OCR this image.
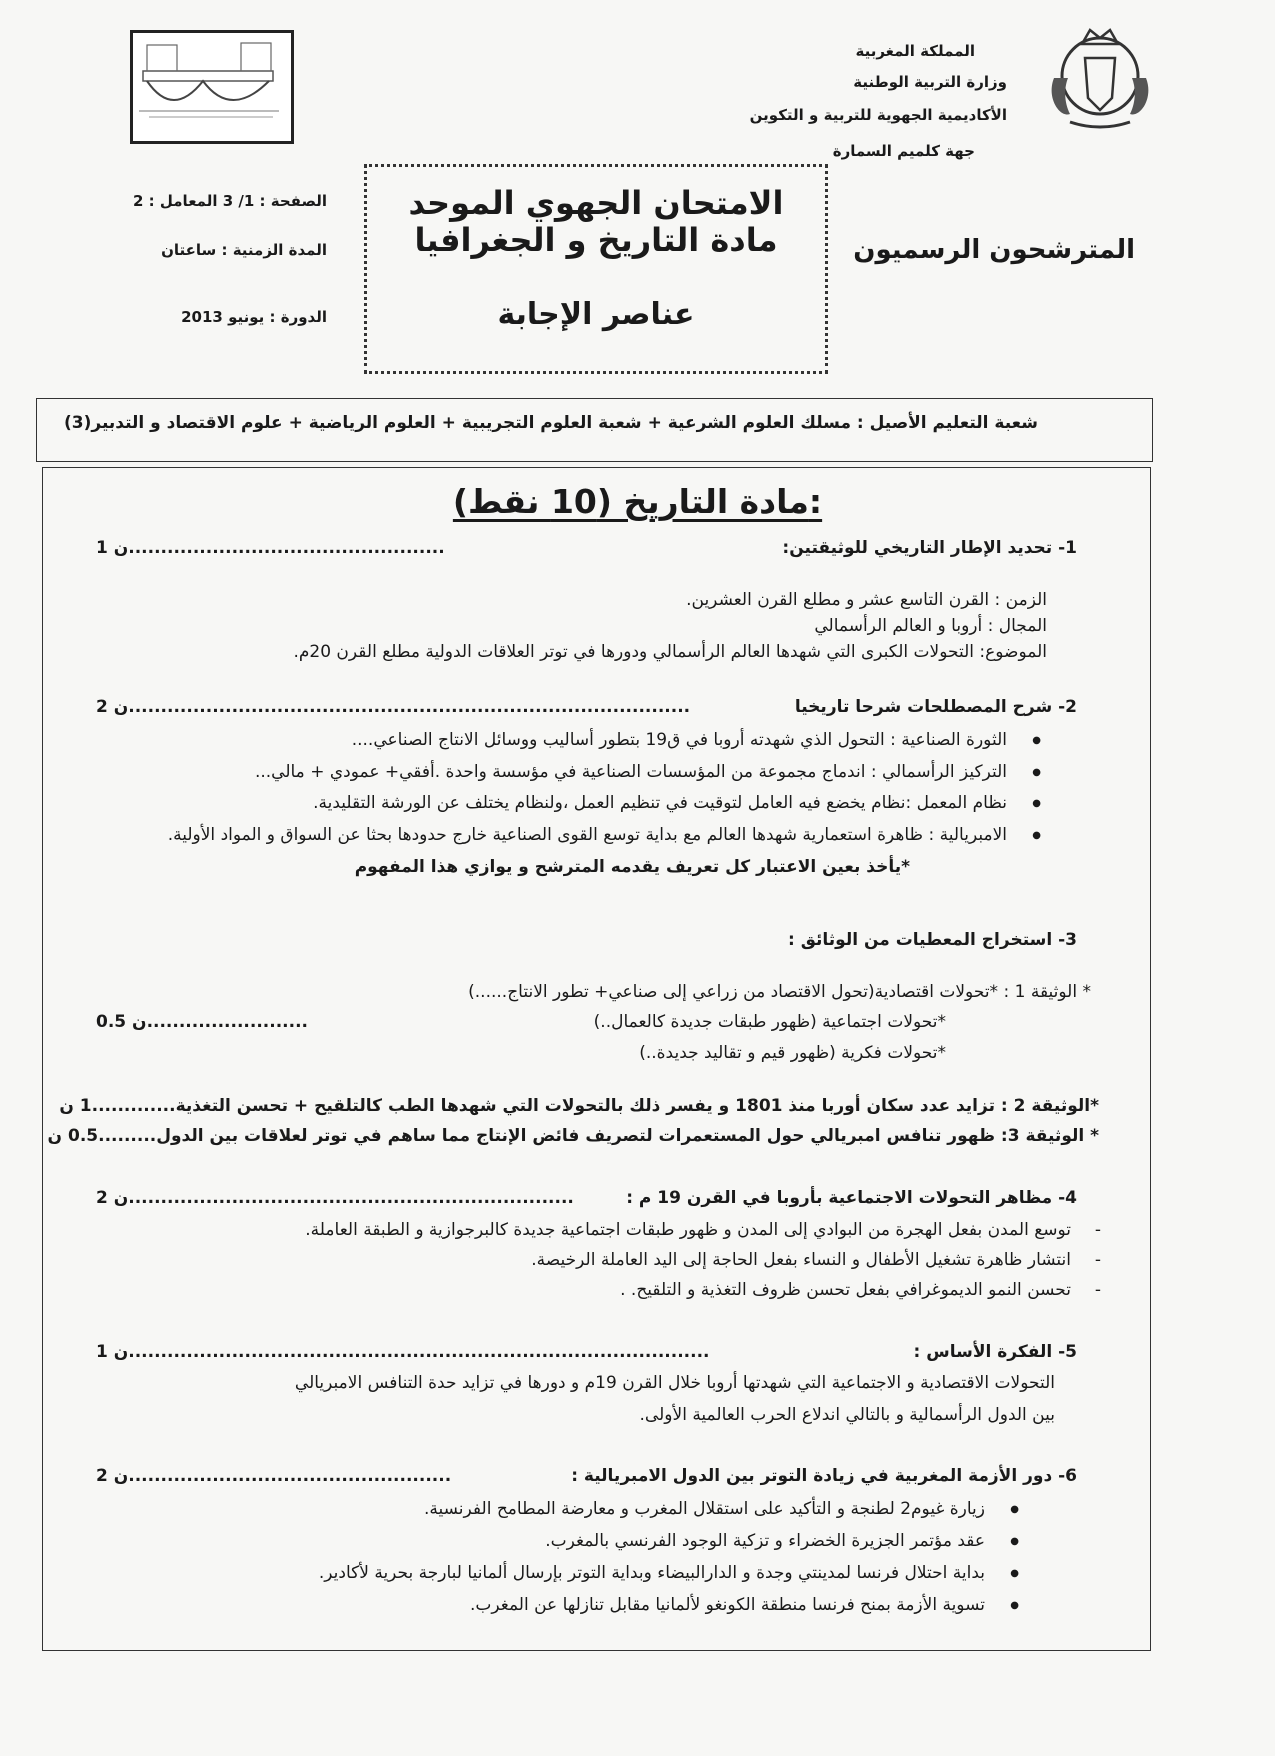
المملكة المغربية
وزارة التربية الوطنية
الأكاديمية الجهوية للتربية و التكوين
جهة كلميم السمارة
الامتحان الجهوي الموحد
مادة التاريخ و الجغرافيا
عناصر الإجابة
الصفحة : 1/ 3 المعامل : 2
المدة الزمنية : ساعتان
الدورة : يونيو 2013
المترشحون الرسميون
شعبة التعليم الأصيل : مسلك العلوم الشرعية + شعبة العلوم التجريبية + العلوم الرياضية + علوم الاقتصاد و التدبير(3)
مادة التاريخ (10 نقط):
1- تحديد الإطار التاريخي للوثيقتين:
1 ن.................................................
الزمن : القرن التاسع عشر و مطلع القرن العشرين.
المجال : أروبا و العالم الرأسمالي
الموضوع: التحولات الكبرى التي شهدها العالم الرأسمالي ودورها في توتر العلاقات الدولية مطلع القرن 20م.
2- شرح المصطلحات شرحا تاريخيا
2 ن.......................................................................................
● الثورة الصناعية : التحول الذي شهدته أروبا في ق19 بتطور أساليب ووسائل الانتاج الصناعي....
● التركيز الرأسمالي : اندماج مجموعة من المؤسسات الصناعية في مؤسسة واحدة .أفقي+ عمودي + مالي...
● نظام المعمل :نظام يخضع فيه العامل لتوقيت في تنظيم العمل ،ولنظام يختلف عن الورشة التقليدية.
● الامبريالية : ظاهرة استعمارية شهدها العالم مع بداية توسع القوى الصناعية خارج حدودها بحثا عن السواق و المواد الأولية.
*يأخذ بعين الاعتبار كل تعريف يقدمه المترشح و يوازي هذا المفهوم
3- استخراج المعطيات من الوثائق :
* الوثيقة 1 : *تحولات اقتصادية(تحول الاقتصاد من زراعي إلى صناعي+ تطور الانتاج......)
*تحولات اجتماعية (ظهور طبقات جديدة كالعمال..)
*تحولات فكرية (ظهور قيم و تقاليد جديدة..)
0.5 ن.........................
*الوثيقة 2 : تزايد عدد سكان أوربا منذ 1801 و يفسر ذلك بالتحولات التي شهدها الطب كالتلقيح + تحسن التغذية.............1 ن
* الوثيقة 3: ظهور تنافس امبريالي حول المستعمرات لتصريف فائض الإنتاج مما ساهم في توتر لعلاقات بين الدول.........0.5 ن
4- مظاهر التحولات الاجتماعية بأروبا في القرن 19 م :
2 ن.....................................................................
- توسع المدن بفعل الهجرة من البوادي إلى المدن و ظهور طبقات اجتماعية جديدة كالبرجوازية و الطبقة العاملة.
- انتشار ظاهرة تشغيل الأطفال و النساء بفعل الحاجة إلى اليد العاملة الرخيصة.
- تحسن النمو الديموغرافي بفعل تحسن ظروف التغذية و التلقيح. .
5- الفكرة الأساس :
1 ن..........................................................................................
التحولات الاقتصادية و الاجتماعية التي شهدتها أروبا خلال القرن 19م و دورها في تزايد حدة التنافس الامبريالي
بين الدول الرأسمالية و بالتالي اندلاع الحرب العالمية الأولى.
6- دور الأزمة المغربية في زيادة التوتر بين الدول الامبريالية :
2 ن..................................................
● زيارة غيوم2 لطنجة و التأكيد على استقلال المغرب و معارضة المطامح الفرنسية.
● عقد مؤتمر الجزيرة الخضراء و تزكية الوجود الفرنسي بالمغرب.
● بداية احتلال فرنسا لمدينتي وجدة و الدارالبيضاء وبداية التوتر بإرسال ألمانيا لبارجة بحرية لأكادير.
● تسوية الأزمة بمنح فرنسا منطقة الكونغو لألمانيا مقابل تنازلها عن المغرب.
